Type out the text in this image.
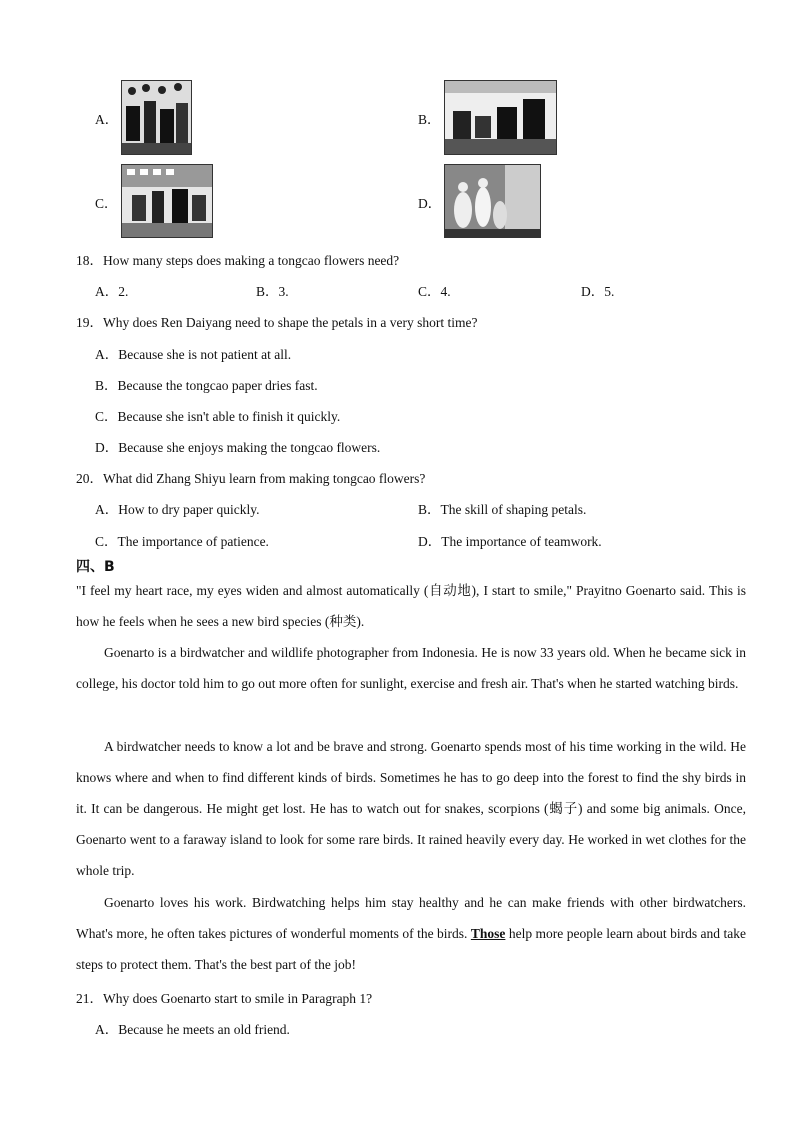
A．	B．
C．	D．
18．How many steps does making a tongcao flowers need?
A．2.	B．3.	C．4.	D．5.
19．Why does Ren Daiyang need to shape the petals in a very short time?
A．Because she is not patient at all.
B．Because the tongcao paper dries fast.
C．Because she isn't able to finish it quickly.
D．Because she enjoys making the tongcao flowers.
20．What did Zhang Shiyu learn from making tongcao flowers?
A．How to dry paper quickly.	B．The skill of shaping petals.
C．The importance of patience.	D．The importance of teamwork.
四、B
"I feel my heart race, my eyes widen and almost automatically (自动地), I start to smile," Prayitno Goenarto said. This is how he feels when he sees a new bird species (种类).
Goenarto is a birdwatcher and wildlife photographer from Indonesia. He is now 33 years old. When he became sick in college, his doctor told him to go out more often for sunlight, exercise and fresh air. That's when he started watching birds.
A birdwatcher needs to know a lot and be brave and strong. Goenarto spends most of his time working in the wild. He knows where and when to find different kinds of birds. Sometimes he has to go deep into the forest to find the shy birds in it. It can be dangerous. He might get lost. He has to watch out for snakes, scorpions (蝎子) and some big animals. Once, Goenarto went to a faraway island to look for some rare birds. It rained heavily every day. He worked in wet clothes for the whole trip.
Goenarto loves his work. Birdwatching helps him stay healthy and he can make friends with other birdwatchers. What's more, he often takes pictures of wonderful moments of the birds. Those help more people learn about birds and take steps to protect them. That's the best part of the job!
21．Why does Goenarto start to smile in Paragraph 1?
A．Because he meets an old friend.
